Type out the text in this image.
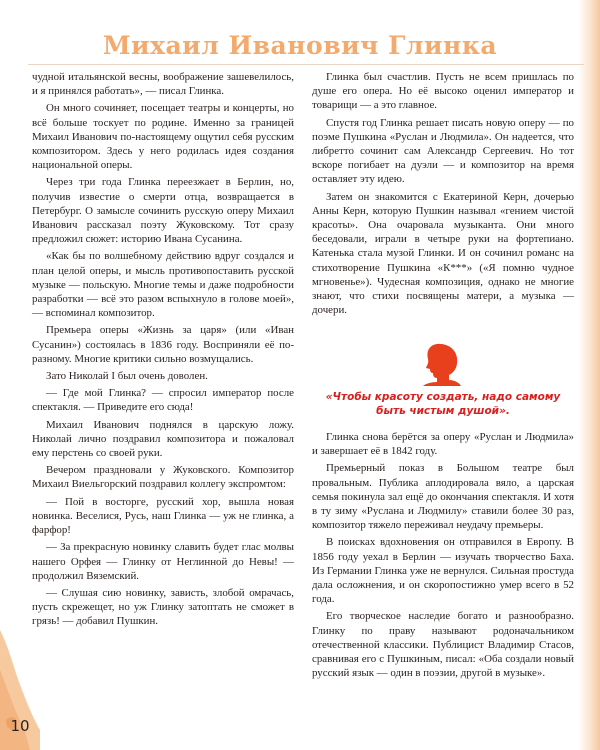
10
Михаил Иванович Глинка

чудной итальянской весны, воображение зашевелилось, и я принялся работать», — писал Глинка.

Он много сочиняет, посещает театры и концерты, но всё больше тоскует по родине. Именно за границей Михаил Иванович по-настоящему ощутил себя русским композитором. Здесь у него родилась идея создания национальной оперы.

Через три года Глинка переезжает в Берлин, но, получив известие о смерти отца, возвращается в Петербург. О замысле сочинить русскую оперу Михаил Иванович рассказал поэту Жуковскому. Тот сразу предложил сюжет: историю Ивана Сусанина.

«Как бы по волшебному действию вдруг создался и план целой оперы, и мысль противопоставить русской музыке — польскую. Многие темы и даже подробности разработки — всё это разом вспыхнуло в голове моей», — вспоминал композитор.

Премьера оперы «Жизнь за царя» (или «Иван Сусанин») состоялась в 1836 году. Восприняли её по-разному. Многие критики сильно возмущались.

Зато Николай I был очень доволен.

— Где мой Глинка? — спросил император после спектакля. — Приведите его сюда!

Михаил Иванович поднялся в царскую ложу. Николай лично поздравил композитора и пожаловал ему перстень со своей руки.

Вечером праздновали у Жуковского. Композитор Михаил Виельгорский поздравил коллегу экспромтом:

— Пой в восторге, русский хор, вышла новая новинка. Веселися, Русь, наш Глинка — уж не глинка, а фарфор!

— За прекрасную новинку славить будет глас молвы нашего Орфея — Глинку от Неглинной до Невы! — продолжил Вяземский.

— Слушая сию новинку, зависть, злобой омрачась, пусть скрежещет, но уж Глинку затоптать не сможет в грязь! — добавил Пушкин.

Глинка был счастлив. Пусть не всем пришлась по душе его опера. Но её высоко оценил император и товарищи — а это главное.

Спустя год Глинка решает писать новую оперу — по поэме Пушкина «Руслан и Людмила». Он надеется, что либретто сочинит сам Александр Сергеевич. Но тот вскоре погибает на дуэли — и композитор на время оставляет эту идею.

Затем он знакомится с Екатериной Керн, дочерью Анны Керн, которую Пушкин называл «гением чистой красоты». Она очаровала музыканта. Они много беседовали, играли в четыре руки на фортепиано. Катенька стала музой Глинки. И он сочинил романс на стихотворение Пушкина «К***» («Я помню чудное мгновенье»). Чудесная композиция, однако не многие знают, что стихи посвящены матери, а музыка — дочери.

«Чтобы красоту создать, надо самому быть чистым душой».

Глинка снова берётся за оперу «Руслан и Людмила» и завершает её в 1842 году.

Премьерный показ в Большом театре был провальным. Публика аплодировала вяло, а царская семья покинула зал ещё до окончания спектакля. И хотя в ту зиму «Руслана и Людмилу» ставили более 30 раз, композитор тяжело переживал неудачу премьеры.

В поисках вдохновения он отправился в Европу. В 1856 году уехал в Берлин — изучать творчество Баха. Из Германии Глинка уже не вернулся. Сильная простуда дала осложнения, и он скоропостижно умер всего в 52 года.

Его творческое наследие богато и разнообразно. Глинку по праву называют родоначальником отечественной классики. Публицист Владимир Стасов, сравнивая его с Пушкиным, писал: «Оба создали новый русский язык — один в поэзии, другой в музыке».
